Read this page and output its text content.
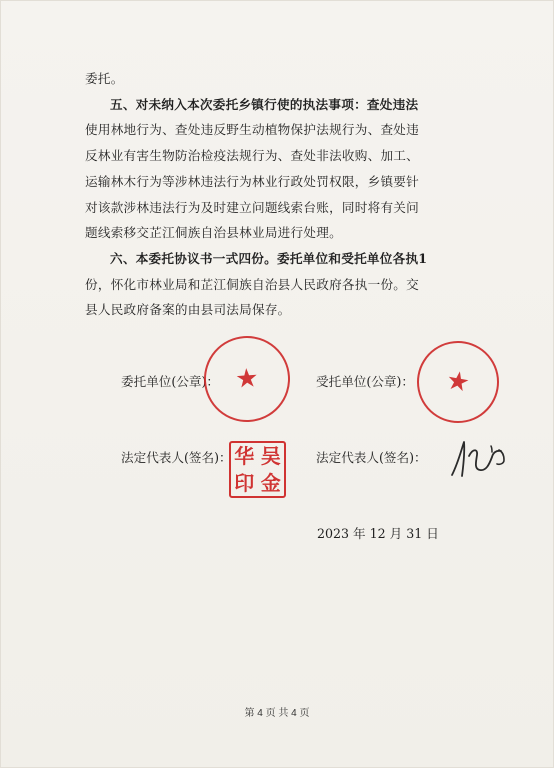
委托。
五、对未纳入本次委托乡镇行使的执法事项：查处违法
使用林地行为、查处违反野生动植物保护法规行为、查处违
反林业有害生物防治检疫法规行为、查处非法收购、加工、
运输林木行为等涉林违法行为林业行政处罚权限，乡镇要针
对该款涉林违法行为及时建立问题线索台账，同时将有关问
题线索移交芷江侗族自治县林业局进行处理。
六、本委托协议书一式四份。委托单位和受托单位各执1
份，怀化市林业局和芷江侗族自治县人民政府各执一份。交
县人民政府备案的由县司法局保存。
委托单位(公章)：	受托单位(公章)：
法定代表人(签名)：	法定代表人(签名)：
2023 年 12 月 31 日
第 4 页 共 4 页
★	★
华 吴
印 金
